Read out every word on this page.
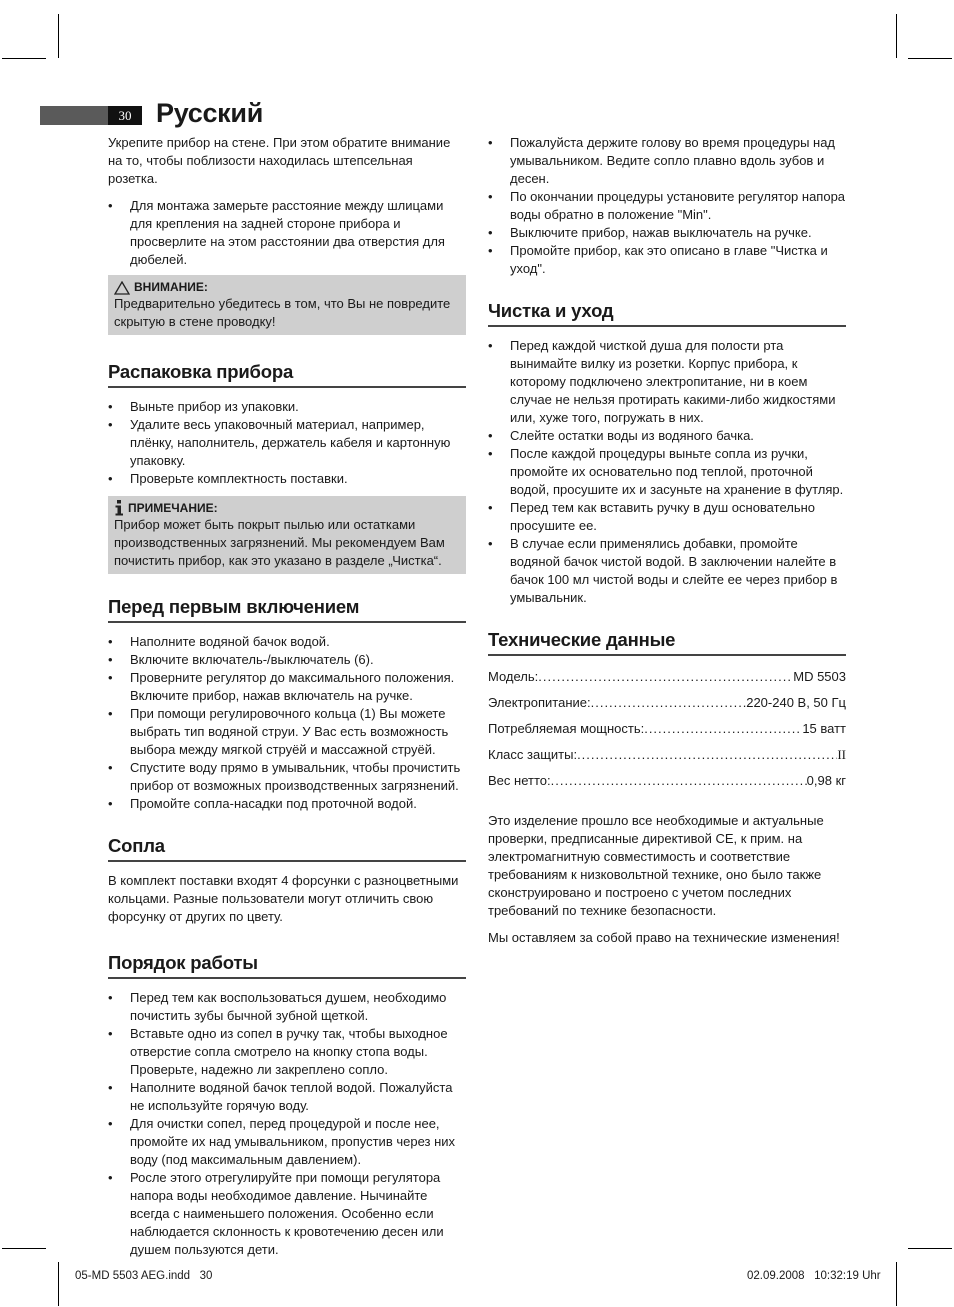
30 Русский

Укрепите прибор на стене. При этом обратите внимание на то, чтобы поблизости находилась штепсельная розетка.

• Для монтажа замерьте расстояние между шлицами для крепления на задней стороне прибора и просверлите на этом расстоянии два отверстия для дюбелей.
ВНИМАНИЕ:

Предварительно убедитесь в том, что Вы не повредите скрытую в стене проводку!

Распаковка прибора
• Выньте прибор из упаковки.
• Удалите весь упаковочный материал, например, плёнку, наполнитель, держатель кабеля и картонную упаковку.
• Проверьте комплектность поставки.
ПРИМЕЧАНИЕ:

Прибор может быть покрыт пылью или остатками производственных загрязнений. Мы рекомендуем Вам почистить прибор, как это указано в разделе „Чистка“.

Перед первым включением
• Наполните водяной бачок водой.
• Включите включатель-/выключатель (6).
• Проверните регулятор до максимального положения. Включите прибор, нажав включатель на ручке.
• При помощи регулировочного кольца (1) Вы можете выбрать тип водяной струи. У Вас есть возможность выбора между мягкой струёй и массажной струёй.
• Спустите воду прямо в умывальник, чтобы прочистить прибор от возможных производственных загрязнений.
• Промойте сопла-насадки под проточной водой.
Сопла

В комплект поставки входят 4 форсунки с разноцветными кольцами. Разные пользователи могут отличить свою форсунку от других по цвету.

Порядок работы
• Перед тем как воспользоваться душем, необходимо почистить зубы бычной зубной щеткой.
• Вставьте одно из сопел в ручку так, чтобы выходное отверстие сопла смотрело на кнопку стопа воды. Проверьте, надежно ли закреплено сопло.
• Наполните водяной бачок теплой водой. Пожалуйста не используйте горячую воду.
• Для очистки сопел, перед процедурой и после нее, промойте их над умывальником, пропустив через них воду (под максимальным давлением).
• Росле этого отрегулируйте при помощи регулятора напора воды необходимое давление. Нычинайте всегда с наименьшего положения. Особенно если наблюдается склонность к кровотечению десен или душем пользуются дети.
• Пожалуйста держите голову во время процедуры над умывальником. Ведите сопло плавно вдоль зубов и десен.
• По окончании процедуры установите регулятор напора воды обратно в положение "Min".
• Выключите прибор, нажав выключатель на ручке.
• Промойте прибор, как это описано в главе "Чистка и уход".
Чистка и уход
• Перед каждой чисткой душа для полости рта вынимайте вилку из розетки. Корпус прибора, к которому подключено электропитание, ни в коем случае не нельзя протирать какими-либо жидкостями или, хуже того, погружать в них.
• Слейте остатки воды из водяного бачка.
• После каждой процедуры выньте сопла из ручки, промойте их основательно под теплой, проточной водой, просушите их и засуньте на хранение в футляр.
• Перед тем как вставить ручку в душ основательно просушите ее.
• В случае если применялись добавки, промойте водяной бачок чистой водой. В заключении налейте в бачок 100 мл чистой воды и слейте ее через прибор в умывальник.
Технические данные
Модель: .....	MD 5503
Электропитание: .....	220-240 В, 50 Гц
Потребляемая мощность: .....	15 ватт
Класс защиты: .....	II
Вес нетто: .....	0,98 кг

Это изделение прошло все необходимые и актуальные проверки, предписанные директивой CE, к прим. на электромагнитную совместимость и соответствие требованиям к низковольтной технике, оно было также сконструировано и построено с учетом последних требований по технике безопасности.

Мы оставляем за собой право на технические изменения!

05-MD 5503 AEG.indd   30	02.09.2008   10:32:19 Uhr
